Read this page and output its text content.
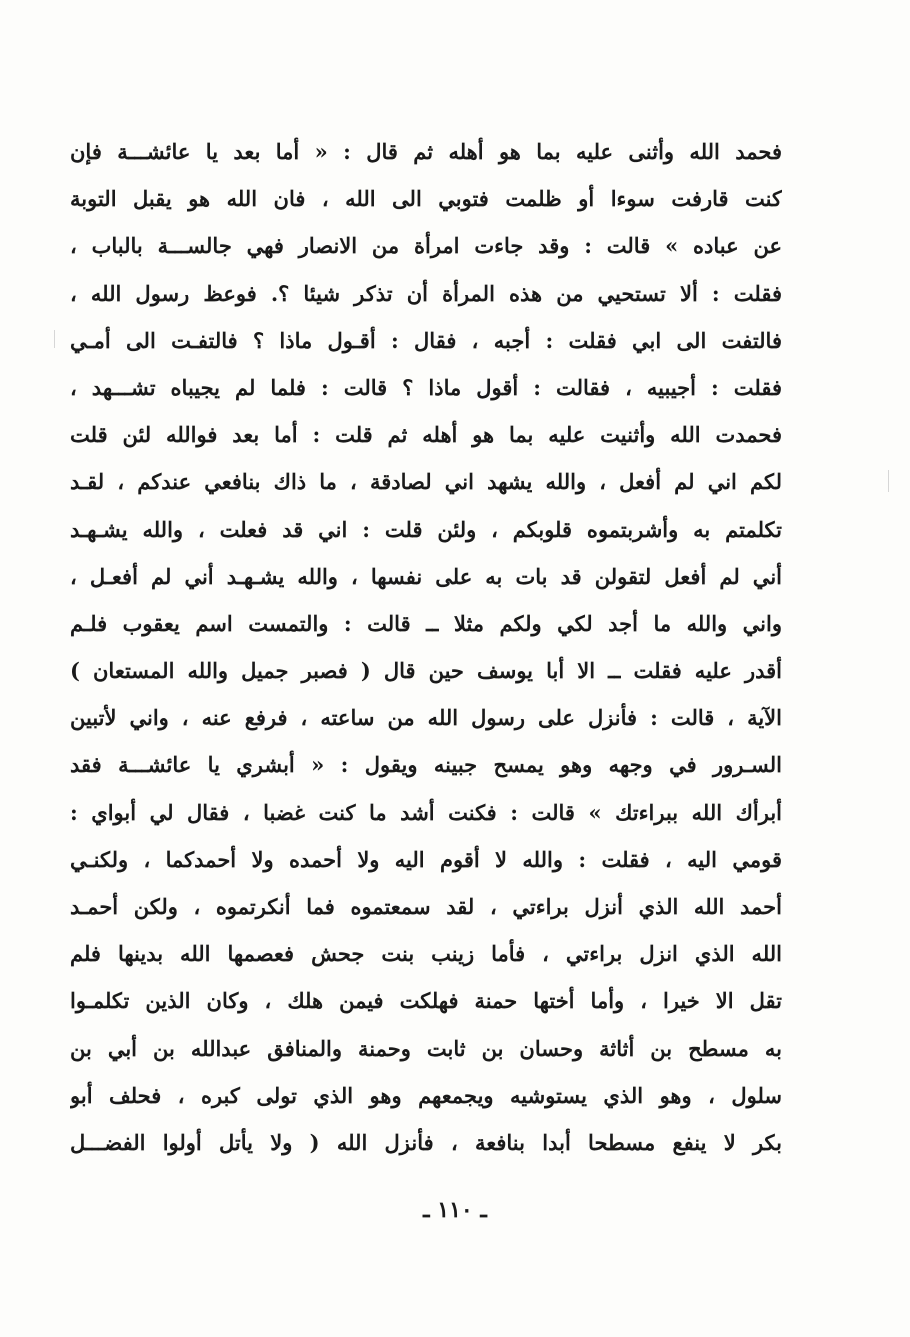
فحمد الله وأثنى عليه بما هو أهله ثم قال : « أما بعد يا عائشـــة فإن
كنت قارفت سوءا أو ظلمت فتوبي الى الله ، فان الله هو يقبل التوبة
عن عباده » قالت : وقد جاءت امرأة من الانصار فهي جالســـة بالباب ،
فقلت : ألا تستحيي من هذه المرأة أن تذكر شيئا ؟. فوعظ رسول الله ،
فالتفت الى ابي فقلت : أجبه ، فقال : أقـول ماذا ؟ فالتفـت الى أمـي
فقلت : أجيبيه ، فقالت : أقول ماذا ؟ قالت : فلما لم يجيباه تشـــهد ،
فحمدت الله وأثنيت عليه بما هو أهله ثم قلت : أما بعد فوالله لئن قلت
لكم اني لم أفعل ، والله يشهد اني لصادقة ، ما ذاك بنافعي عندكم ، لقـد
تكلمتم به وأشربتموه قلوبكم ، ولئن قلت : اني قد فعلت ، والله يشـهـد
أني لم أفعل لتقولن قد بات به على نفسها ، والله يشـهـد أني لم أفعـل ،
واني والله ما أجد لكي ولكم مثلا ــ قالت : والتمست اسم يعقوب فلـم
أقدر عليه فقلت ــ الا أبا يوسف حين قال ( فصبر جميل والله المستعان )
الآية ، قالت : فأنزل على رسول الله من ساعته ، فرفع عنه ، واني لأتبين
السـرور في وجهه وهو يمسح جبينه ويقول : « أبشري يا عائشـــة فقد
أبرأك الله ببراءتك » قالت : فكنت أشد ما كنت غضبا ، فقال لي أبواي :
قومي اليه ، فقلت : والله لا أقوم اليه ولا أحمده ولا أحمدكما ، ولكنـي
أحمد الله الذي أنزل براءتي ، لقد سمعتموه فما أنكرتموه ، ولكن أحمـد
الله الذي انزل براءتي ، فأما زينب بنت جحش فعصمها الله بدينها فلم
تقل الا خيرا ، وأما أختها حمنة فهلكت فيمن هلك ، وكان الذين تكلمـوا
به مسطح بن أثاثة وحسان بن ثابت وحمنة والمنافق عبدالله بن أبي بن
سلول ، وهو الذي يستوشيه ويجمعهم وهو الذي تولى كبره ، فحلف أبو
بكر لا ينفع مسطحا أبدا بنافعة ، فأنزل الله ( ولا يأتل أولوا الفضـــل
ـ ١١٠ ـ
